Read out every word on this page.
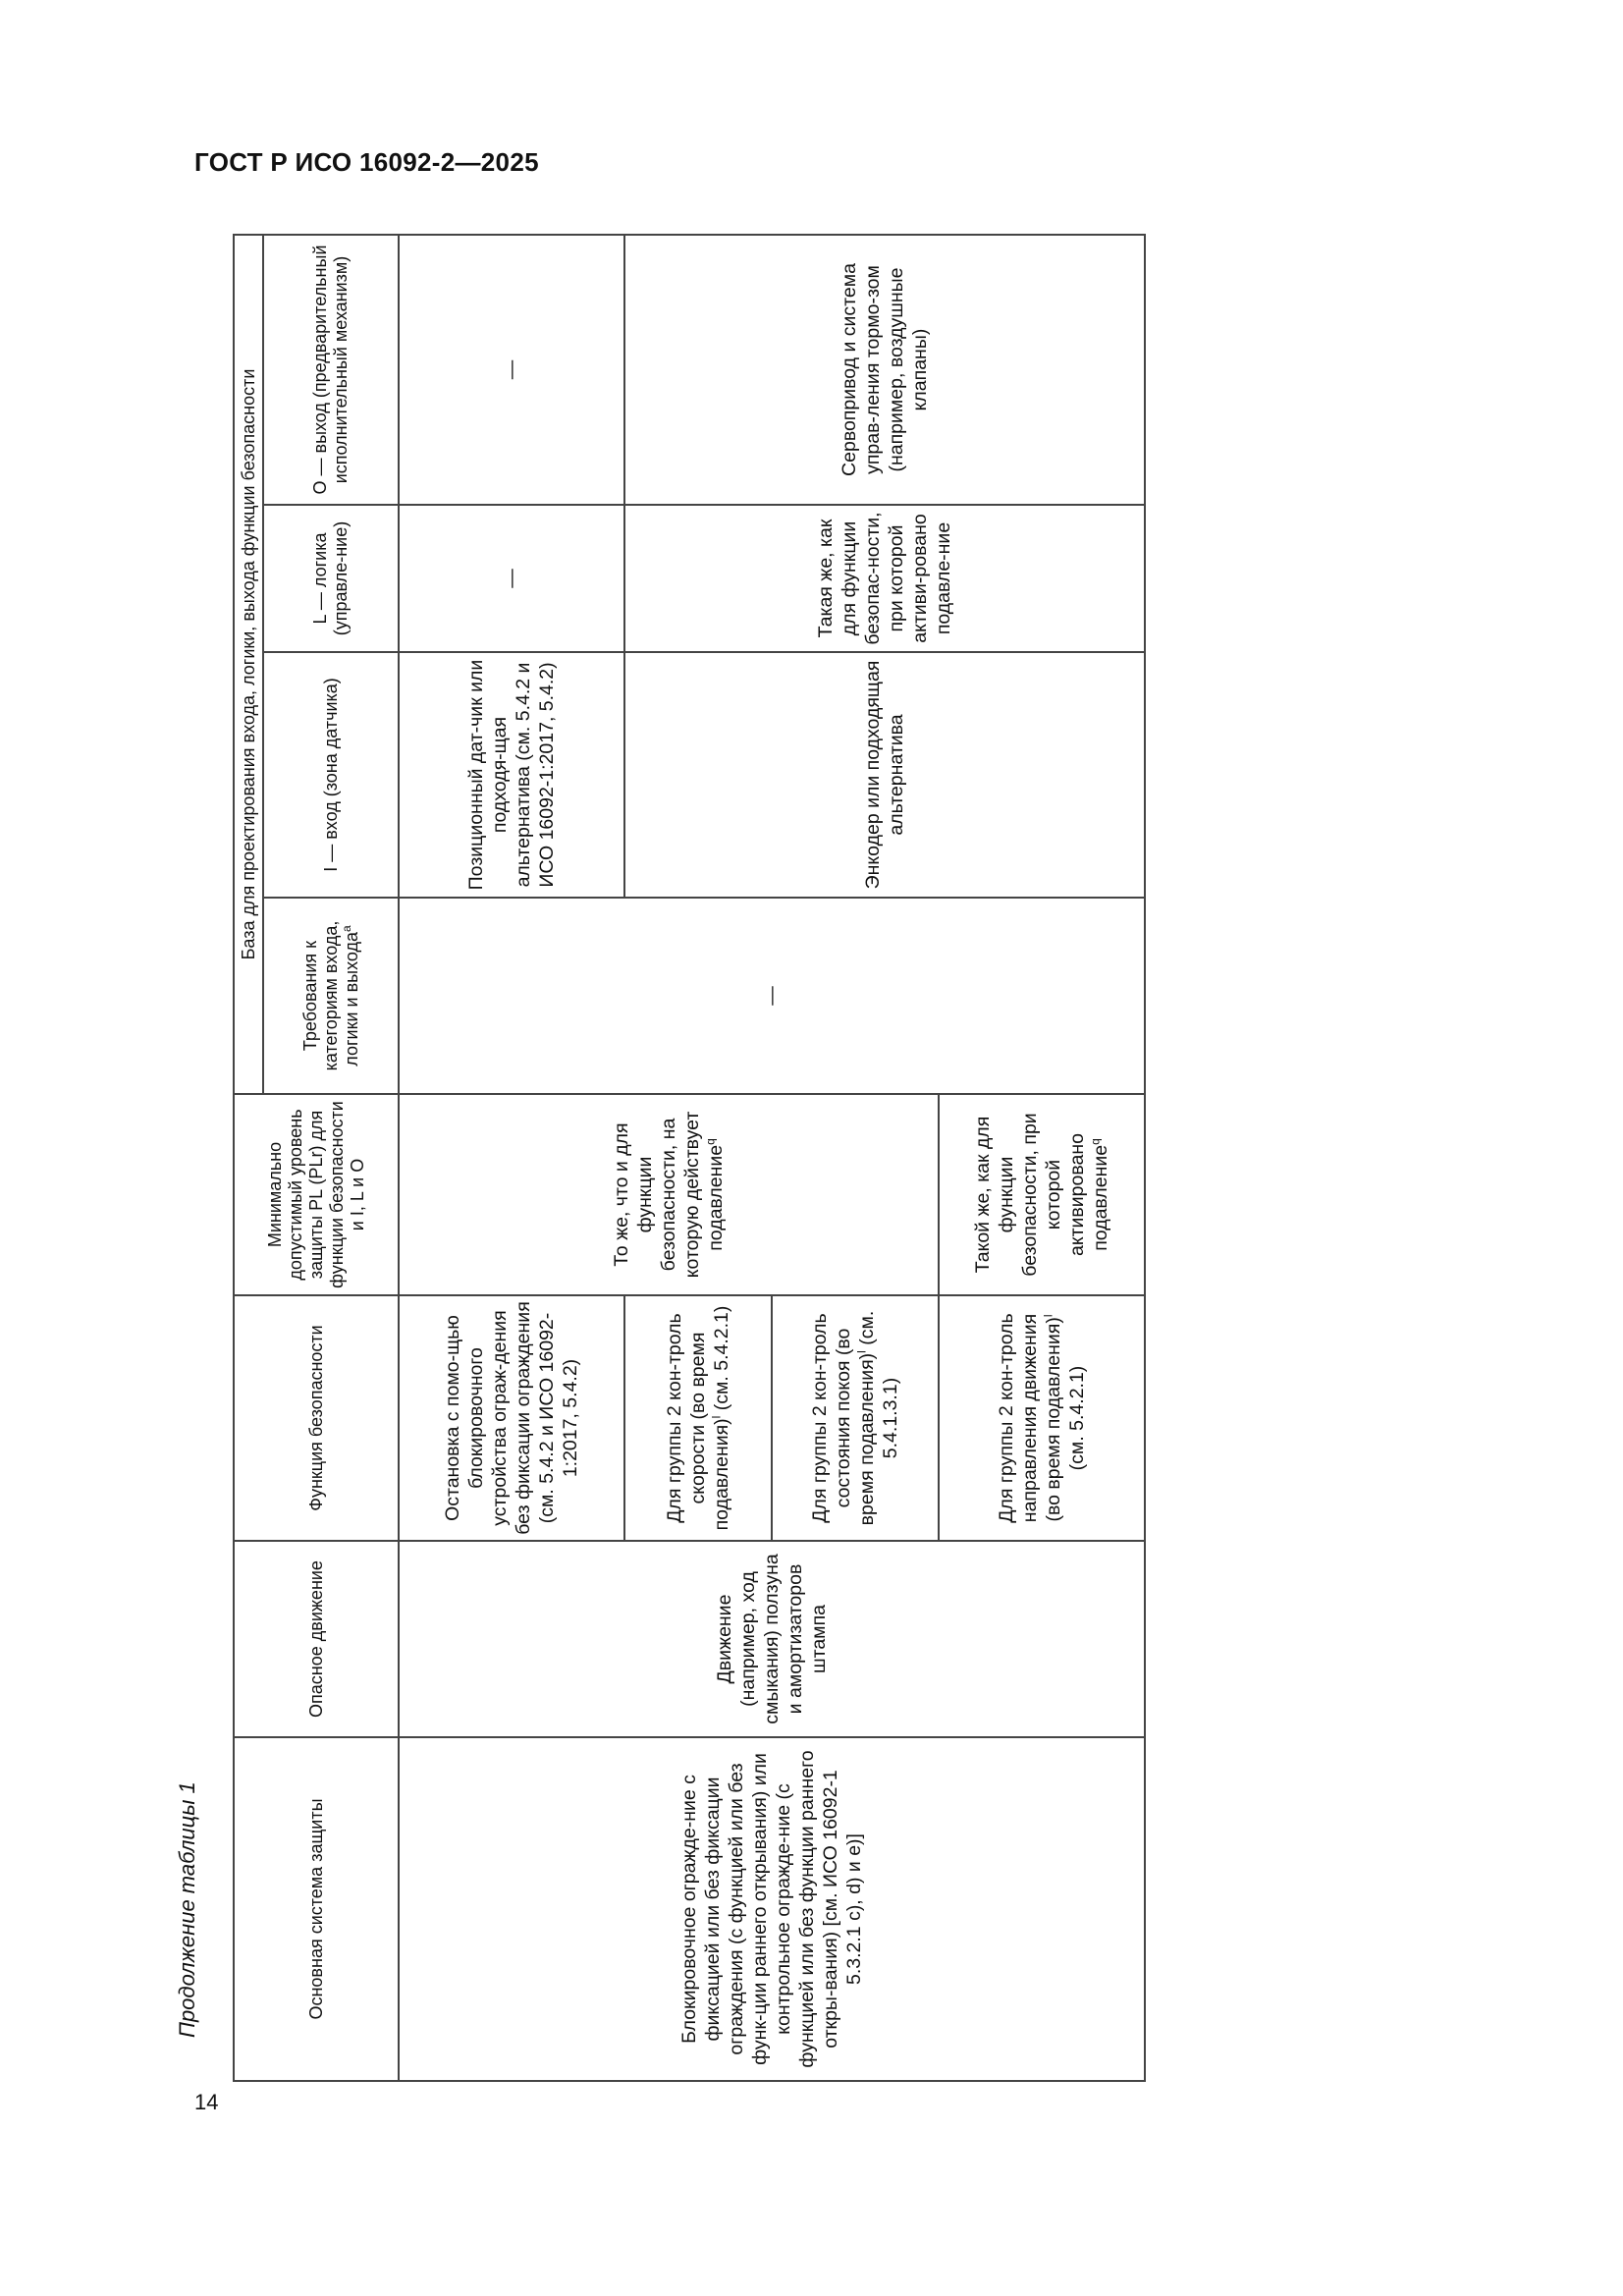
ГОСТ Р ИСО 16092-2—2025
Продолжение таблицы 1
14
Основная система защиты	Опасное движение	Функция безопасности	Минимально допустимый уровень защиты PL (PLr) для функции безопасности и I, L и O	База для проектирования входа, логики, выхода функции безопасности			
				Требования к категориям входа, логики и выхода$^a$	I — вход (зона датчика)	L — логика (управле-ние)	O — выход (предварительный исполнительный механизм)
Блокировочное огражде-ние с фиксацией или без фиксации ограждения (с функцией или без функ-ции раннего открывания) или контрольное огражде-ние (с функцией или без функции раннего откры-вания) [см. ИСО 16092-1 5.3.2.1 c), d) и e)]	Движение (например, ход смыкания) ползуна и амортизаторов штампа	Остановка с помо-щью блокировочного устройства ограж-дения без фиксации ограждения (см. 5.4.2 и ИСО 16092-1:2017, 5.4.2)	То же, что и для функции безопасности, на которую действует подавление$^q$	—	Позиционный дат-чик или подходя-щая альтернатива (см. 5.4.2 и ИСО 16092-1:2017, 5.4.2)	—	—
		Для группы 2 кон-троль скорости (во время подавления)$^l$ (см. 5.4.2.1)			Энкодер или подходящая альтернатива	Такая же, как для функции безопас-ности, при которой активи-ровано подавле-ние	Сервопривод и система управ-ления тормо-зом (например, воздушные клапаны)
		Для группы 2 кон-троль состояния покоя (во время подавления)$^l$ (см. 5.4.1.3.1)					
		Для группы 2 кон-троль направления движения (во время подавления)$^l$ (см. 5.4.2.1)	Такой же, как для функции безопасности, при которой активировано подавление$^q$
